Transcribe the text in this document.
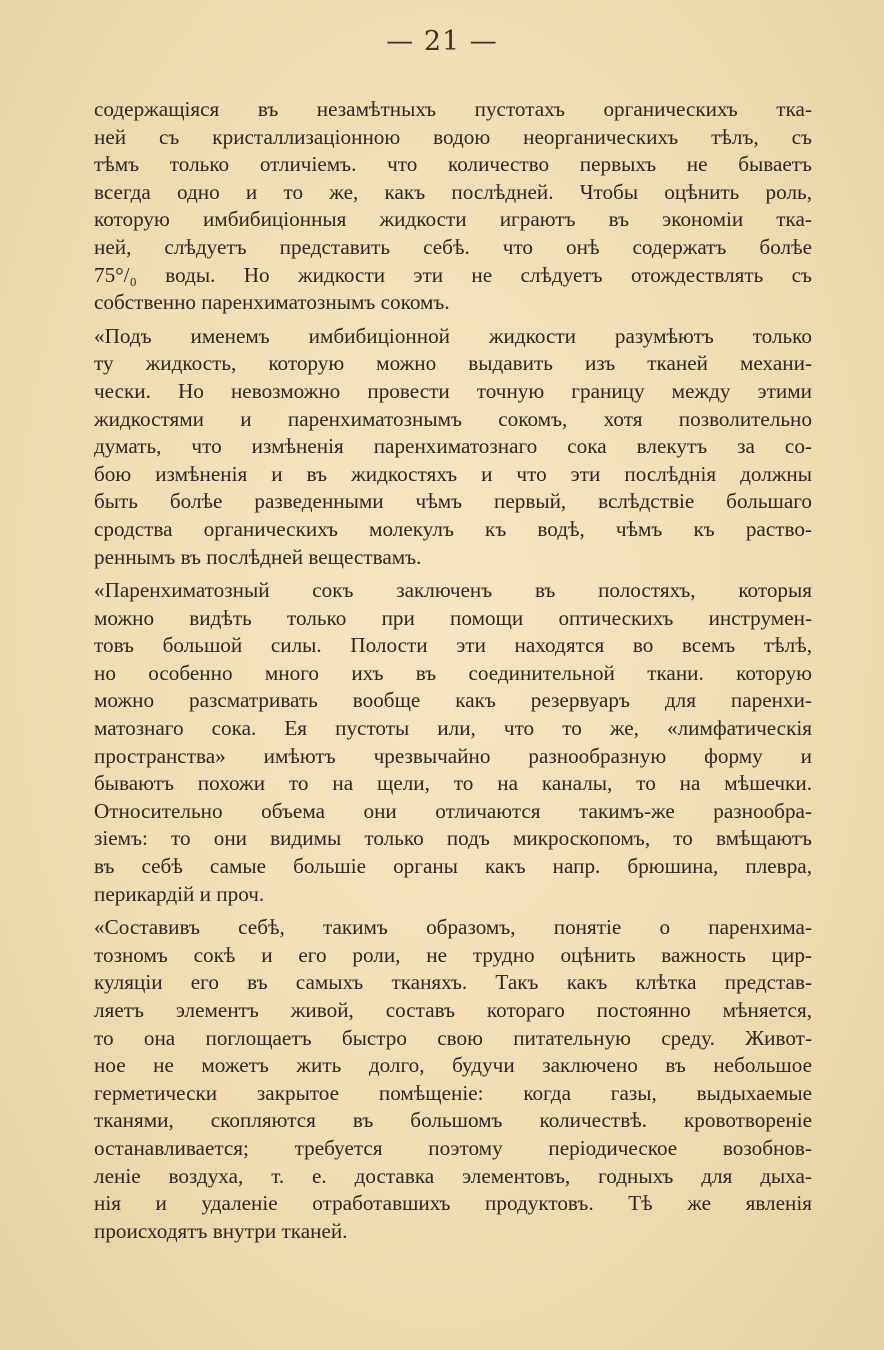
— 21 —
содержащіяся въ незамѣтныхъ пустотахъ органическихъ тка-
ней съ кристаллизаціонною водою неорганическихъ тѣлъ, съ
тѣмъ только отличіемъ. что количество первыхъ не бываетъ
всегда одно и то же, какъ послѣдней. Чтобы оцѣнить роль,
которую имбибиціонныя жидкости играютъ въ экономіи тка-
ней, слѣдуетъ представить себѣ. что онѣ содержатъ болѣе
75°/₀ воды. Но жидкости эти не слѣдуетъ отождествлять съ
собственно паренхиматознымъ сокомъ.
«Подъ именемъ имбибиціонной жидкости разумѣютъ только
ту жидкость, которую можно выдавить изъ тканей механи-
чески. Но невозможно провести точную границу между этими
жидкостями и паренхиматознымъ сокомъ, хотя позволительно
думать, что измѣненія паренхиматознаго сока влекутъ за со-
бою измѣненія и въ жидкостяхъ и что эти послѣднія должны
быть болѣе разведенными чѣмъ первый, вслѣдствіе большаго
сродства органическихъ молекулъ къ водѣ, чѣмъ къ раство-
реннымъ въ послѣдней веществамъ.
«Паренхиматозный сокъ заключенъ въ полостяхъ, которыя
можно видѣть только при помощи оптическихъ инструмен-
товъ большой силы. Полости эти находятся во всемъ тѣлѣ,
но особенно много ихъ въ соединительной ткани. которую
можно разсматривать вообще какъ резервуаръ для паренхи-
матознаго сока. Ея пустоты или, что то же, «лимфатическія
пространства» имѣютъ чрезвычайно разнообразную форму и
бываютъ похожи то на щели, то на каналы, то на мѣшечки.
Относительно объема они отличаются такимъ-же разнообра-
зіемъ: то они видимы только подъ микроскопомъ, то вмѣщаютъ
въ себѣ самые большіе органы какъ напр. брюшина, плевра,
перикардій и проч.
«Составивъ себѣ, такимъ образомъ, понятіе о паренхима-
тозномъ сокѣ и его роли, не трудно оцѣнить важность цир-
куляціи его въ самыхъ тканяхъ. Такъ какъ клѣтка представ-
ляетъ элементъ живой, составъ котораго постоянно мѣняется,
то она поглощаетъ быстро свою питательную среду. Живот-
ное не можетъ жить долго, будучи заключено въ небольшое
герметически закрытое помѣщеніе: когда газы, выдыхаемые
тканями, скопляются въ большомъ количествѣ. кровотвореніе
останавливается; требуется поэтому періодическое возобнов-
леніе воздуха, т. е. доставка элементовъ, годныхъ для дыха-
нія и удаленіе отработавшихъ продуктовъ. Тѣ же явленія
происходятъ внутри тканей.
